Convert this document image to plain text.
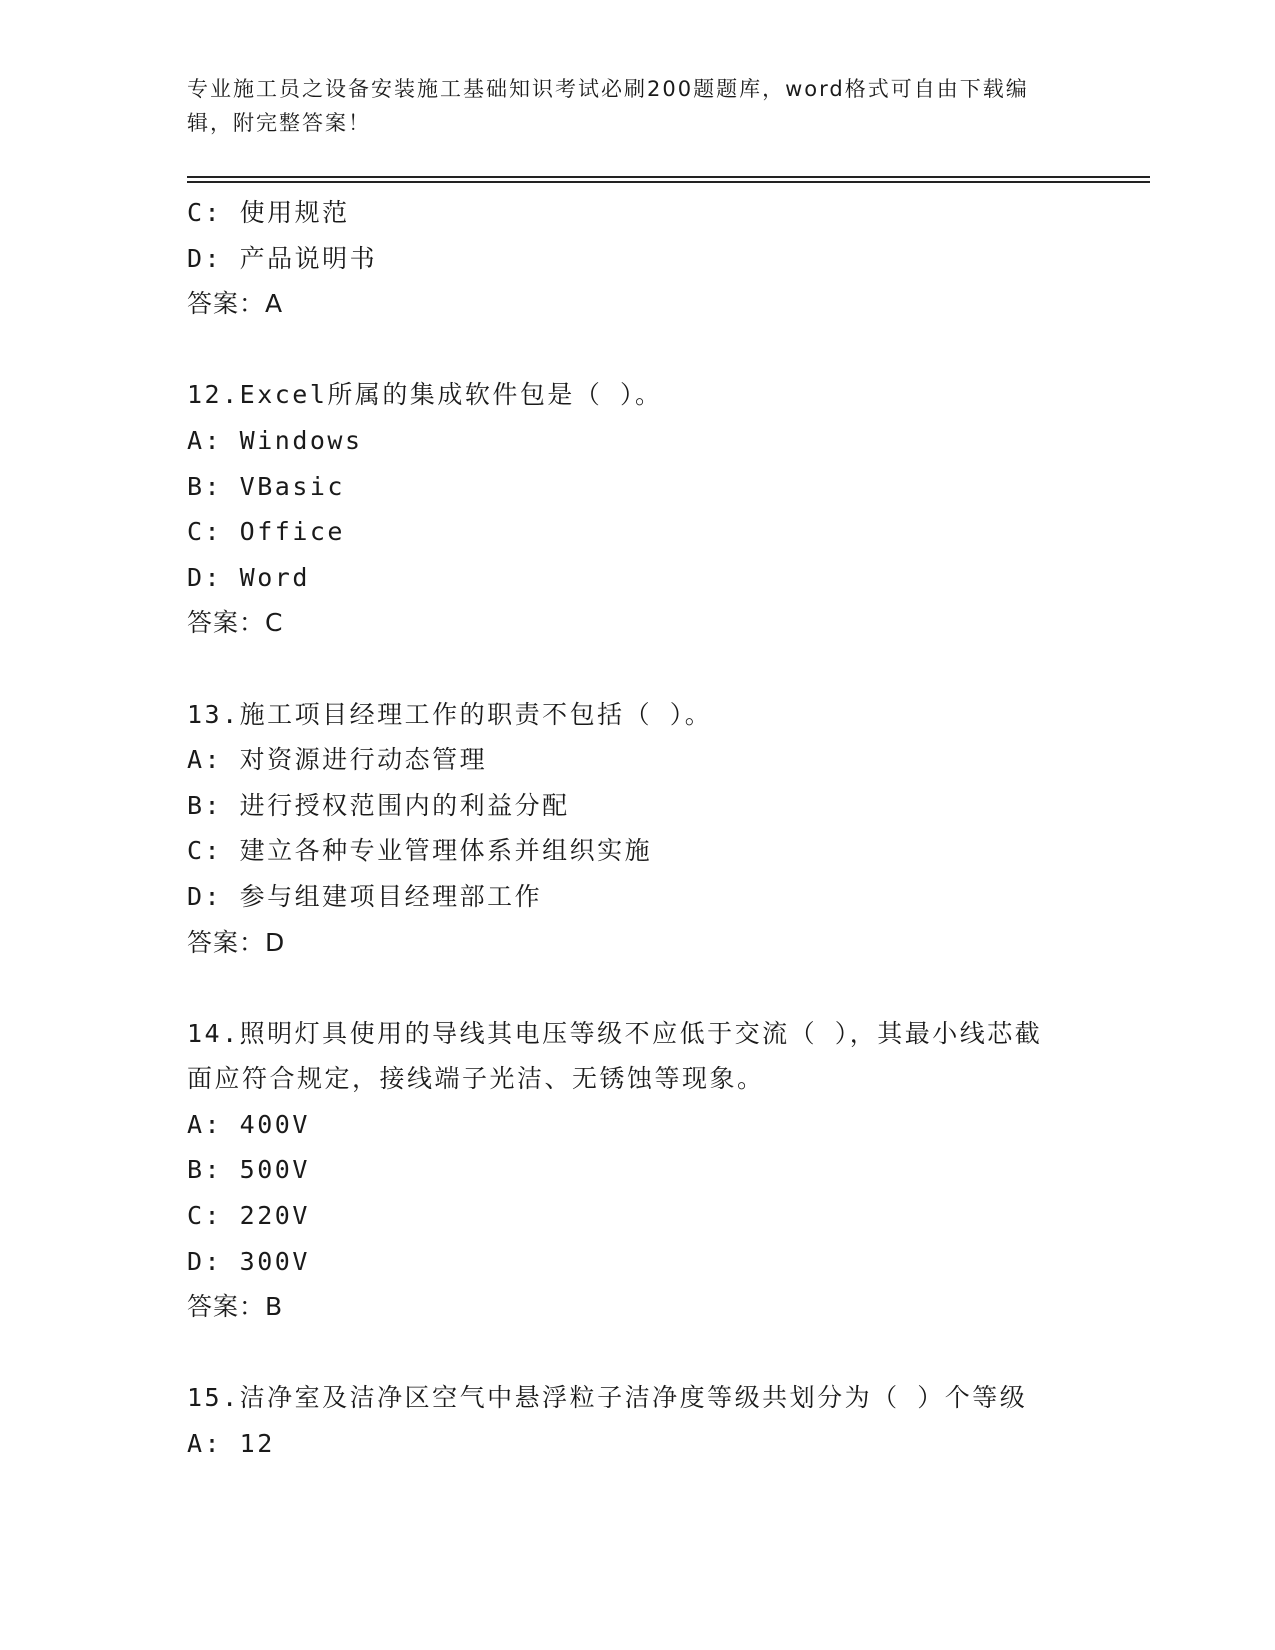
专业施工员之设备安装施工基础知识考试必刷200题题库，word格式可自由下载编辑，附完整答案！
C: 使用规范
D: 产品说明书
答案：A
12.Excel所属的集成软件包是（ ）。
A: Windows
B: VBasic
C: Office
D: Word
答案：C
13.施工项目经理工作的职责不包括（ ）。
A: 对资源进行动态管理
B: 进行授权范围内的利益分配
C: 建立各种专业管理体系并组织实施
D: 参与组建项目经理部工作
答案：D
14.照明灯具使用的导线其电压等级不应低于交流（ ），其最小线芯截面应符合规定，接线端子光洁、无锈蚀等现象。
A: 400V
B: 500V
C: 220V
D: 300V
答案：B
15.洁净室及洁净区空气中悬浮粒子洁净度等级共划分为（ ）个等级
A: 12
